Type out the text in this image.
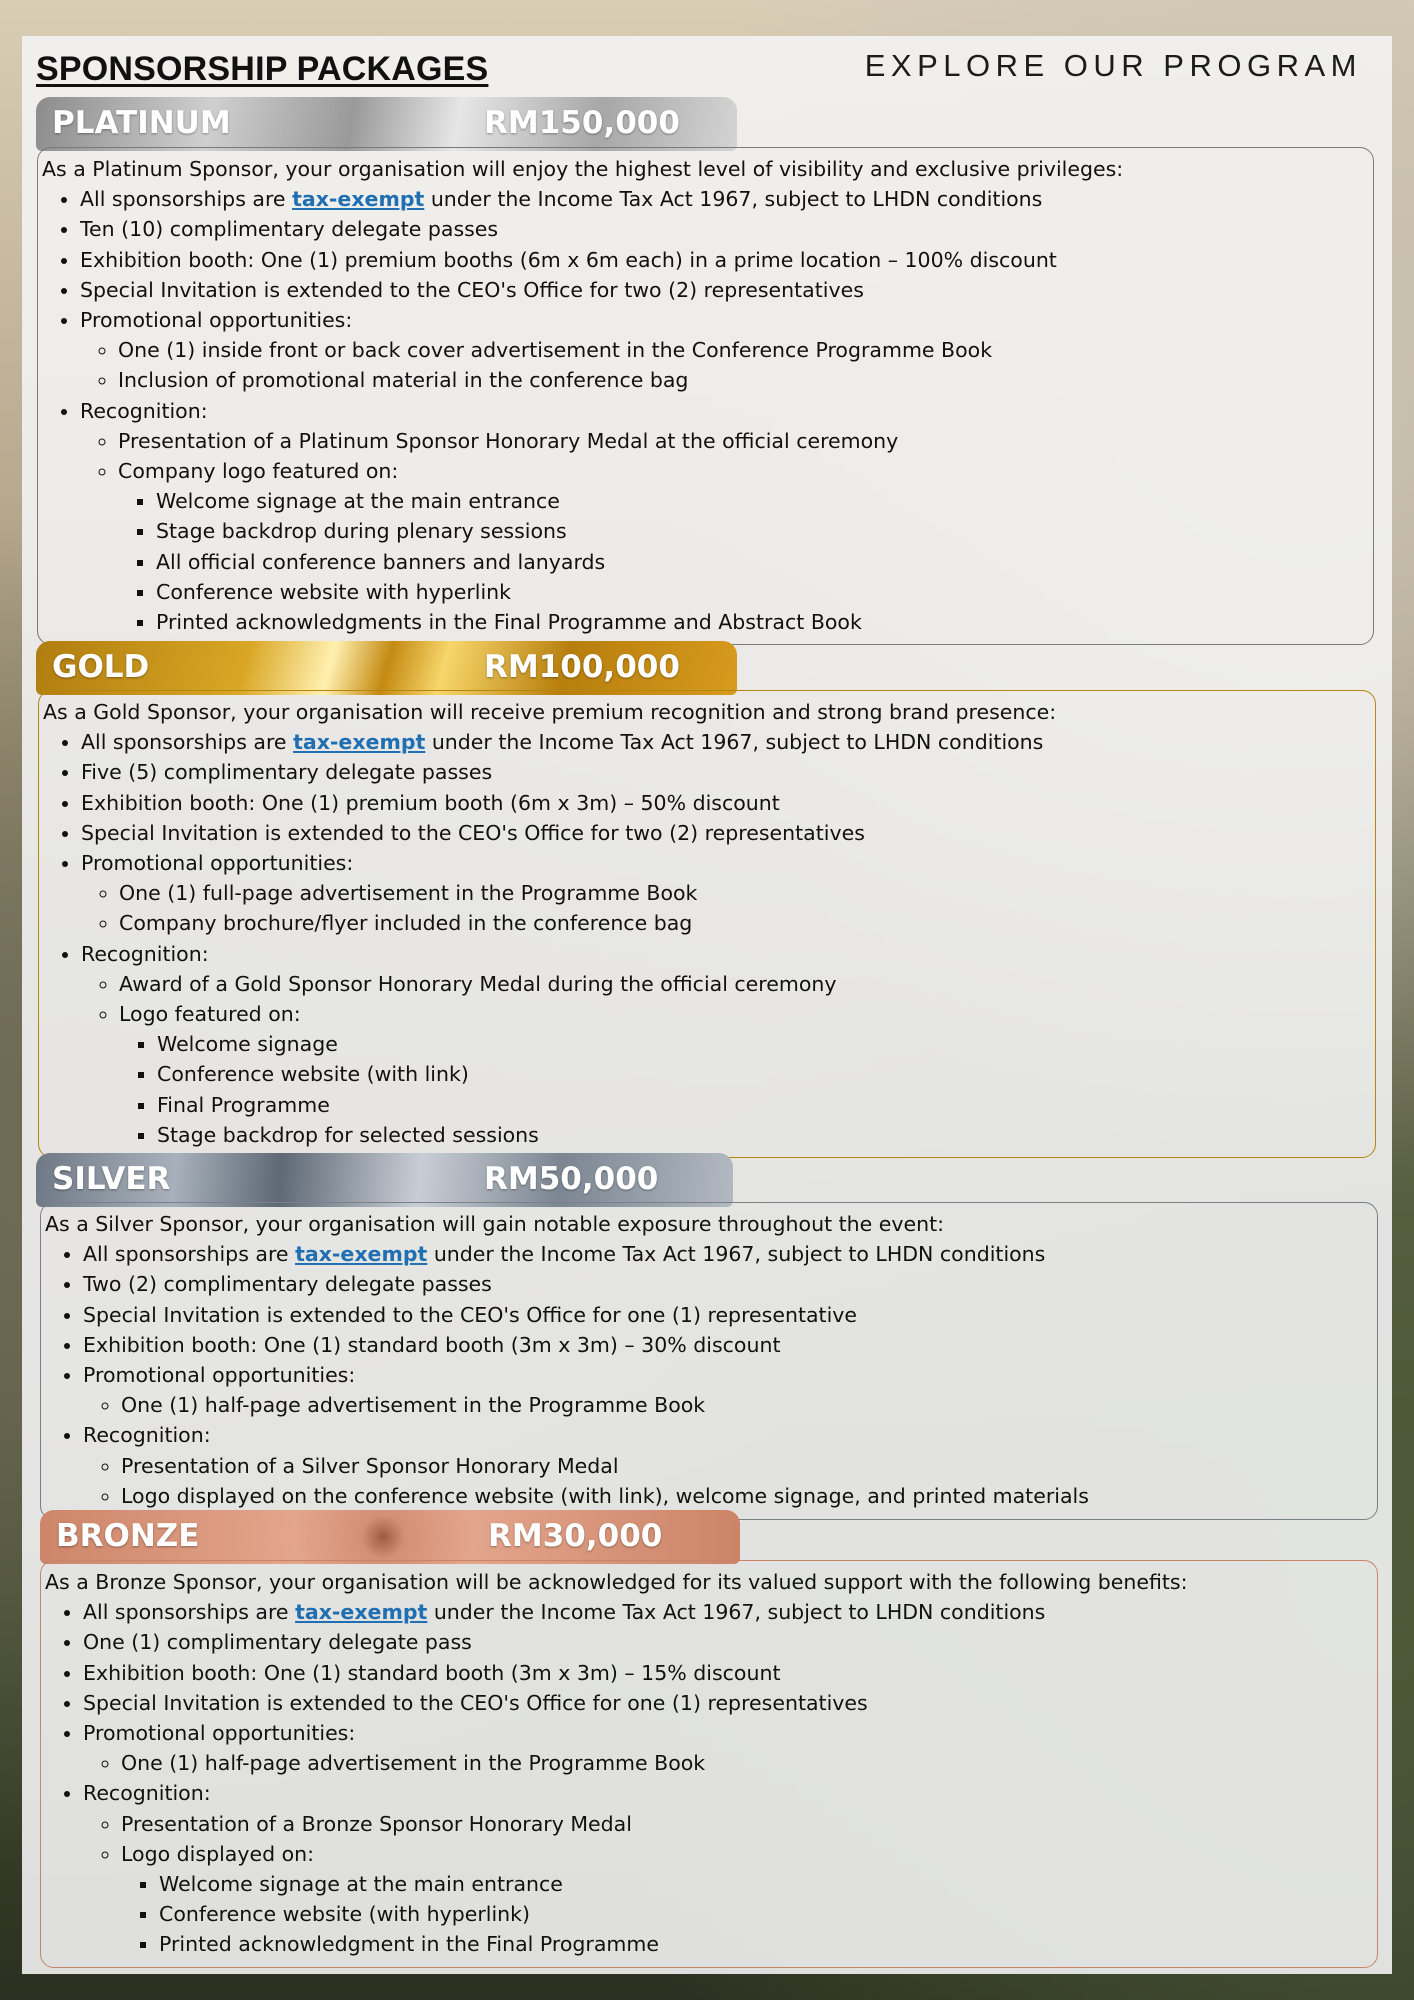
SPONSORSHIP PACKAGES	EXPLORE OUR PROGRAM
PLATINUM	RM150,000
As a Platinum Sponsor, your organisation will enjoy the highest level of visibility and exclusive privileges:
• All sponsorships are tax-exempt under the Income Tax Act 1967, subject to LHDN conditions
• Ten (10) complimentary delegate passes
• Exhibition booth: One (1) premium booths (6m x 6m each) in a prime location – 100% discount
• Special Invitation is extended to the CEO's Office for two (2) representatives
• Promotional opportunities:
◦ One (1) inside front or back cover advertisement in the Conference Programme Book
◦ Inclusion of promotional material in the conference bag
• Recognition:
◦ Presentation of a Platinum Sponsor Honorary Medal at the official ceremony
◦ Company logo featured on:
▪ Welcome signage at the main entrance
▪ Stage backdrop during plenary sessions
▪ All official conference banners and lanyards
▪ Conference website with hyperlink
▪ Printed acknowledgments in the Final Programme and Abstract Book
GOLD	RM100,000
As a Gold Sponsor, your organisation will receive premium recognition and strong brand presence:
• All sponsorships are tax-exempt under the Income Tax Act 1967, subject to LHDN conditions
• Five (5) complimentary delegate passes
• Exhibition booth: One (1) premium booth (6m x 3m) – 50% discount
• Special Invitation is extended to the CEO's Office for two (2) representatives
• Promotional opportunities:
◦ One (1) full-page advertisement in the Programme Book
◦ Company brochure/flyer included in the conference bag
• Recognition:
◦ Award of a Gold Sponsor Honorary Medal during the official ceremony
◦ Logo featured on:
▪ Welcome signage
▪ Conference website (with link)
▪ Final Programme
▪ Stage backdrop for selected sessions
SILVER	RM50,000
As a Silver Sponsor, your organisation will gain notable exposure throughout the event:
• All sponsorships are tax-exempt under the Income Tax Act 1967, subject to LHDN conditions
• Two (2) complimentary delegate passes
• Special Invitation is extended to the CEO's Office for one (1) representative
• Exhibition booth: One (1) standard booth (3m x 3m) – 30% discount
• Promotional opportunities:
◦ One (1) half-page advertisement in the Programme Book
• Recognition:
◦ Presentation of a Silver Sponsor Honorary Medal
◦ Logo displayed on the conference website (with link), welcome signage, and printed materials
BRONZE	RM30,000
As a Bronze Sponsor, your organisation will be acknowledged for its valued support with the following benefits:
• All sponsorships are tax-exempt under the Income Tax Act 1967, subject to LHDN conditions
• One (1) complimentary delegate pass
• Exhibition booth: One (1) standard booth (3m x 3m) – 15% discount
• Special Invitation is extended to the CEO's Office for one (1) representatives
• Promotional opportunities:
◦ One (1) half-page advertisement in the Programme Book
• Recognition:
◦ Presentation of a Bronze Sponsor Honorary Medal
◦ Logo displayed on:
▪ Welcome signage at the main entrance
▪ Conference website (with hyperlink)
▪ Printed acknowledgment in the Final Programme
